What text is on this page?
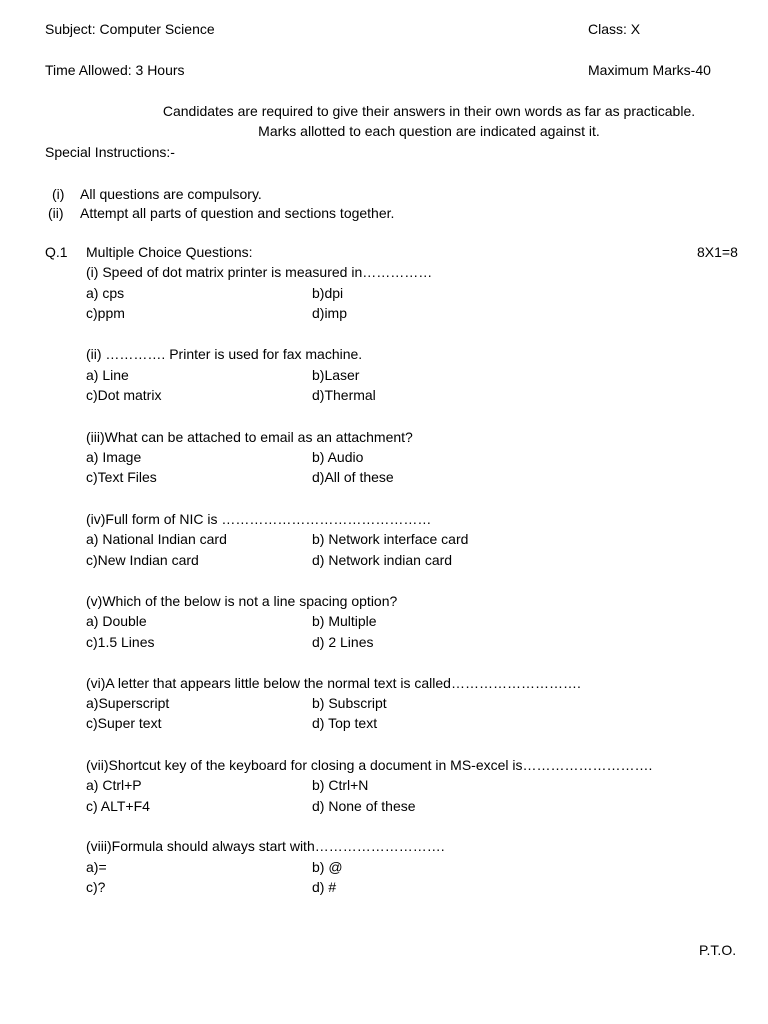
Subject: Computer Science	Class: X
Time Allowed: 3 Hours	Maximum Marks-40
Candidates are required to give their answers in their own words as far as practicable.
Marks allotted to each question are indicated against it.
Special Instructions:-
(i) All questions are compulsory.
(ii) Attempt all parts of question and sections together.
Q.1 Multiple Choice Questions:	8X1=8
(i) Speed of dot matrix printer is measured in……………
a) cps	b)dpi
c)ppm	d)imp
(ii) …………. Printer is used for fax machine.
a) Line	b)Laser
c)Dot matrix	d)Thermal
(iii)What can be attached to email as an attachment?
a) Image	b) Audio
c)Text Files	d)All of these
(iv)Full form of NIC is ………………………………………
a) National Indian card	b) Network interface card
c)New Indian card	d) Network indian card
(v)Which of the below is not a line spacing option?
a) Double	b) Multiple
c)1.5 Lines	d) 2 Lines
(vi)A letter that appears little below the normal text is called……………………….
a)Superscript	b) Subscript
c)Super text	d) Top text
(vii)Shortcut key of the keyboard for closing a document in MS-excel is……………………….
a) Ctrl+P	b) Ctrl+N
c) ALT+F4	d) None of these
(viii)Formula should always start with……………………….
a)=	b) @
c)?	d) #
P.T.O.
